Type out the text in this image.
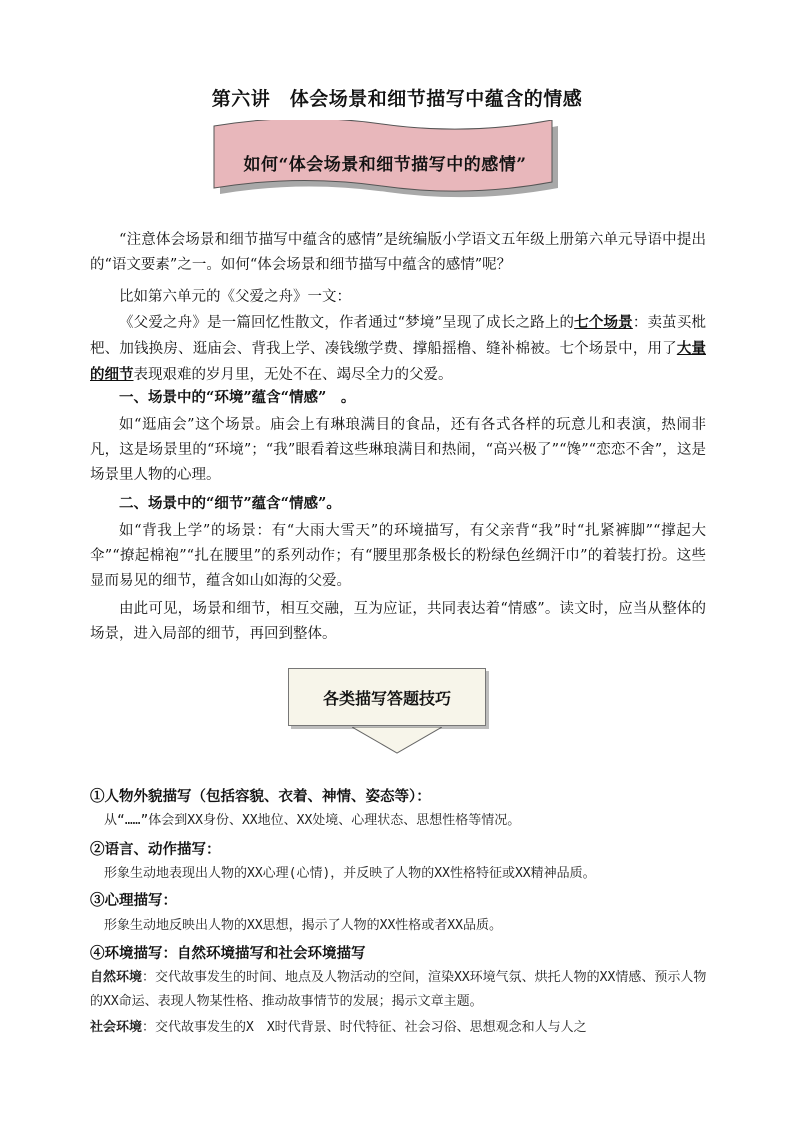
第六讲　体会场景和细节描写中蕴含的情感
如何“体会场景和细节描写中的感情”

“注意体会场景和细节描写中蕴含的感情”是统编版小学语文五年级上册第六单元导语中提出的“语文要素”之一。如何“体会场景和细节描写中蕴含的感情”呢？

比如第六单元的《父爱之舟》一文：

《父爱之舟》是一篇回忆性散文，作者通过“梦境”呈现了成长之路上的七个场景：卖茧买枇杷、加钱换房、逛庙会、背我上学、凑钱缴学费、撑船摇橹、缝补棉被。七个场景中，用了大量的细节表现艰难的岁月里，无处不在、竭尽全力的父爱。

一、场景中的“环境”蕴含“情感”　。

如“逛庙会”这个场景。庙会上有琳琅满目的食品，还有各式各样的玩意儿和表演，热闹非凡，这是场景里的“环境”；“我”眼看着这些琳琅满目和热闹，“高兴极了”“馋”“恋恋不舍”，这是场景里人物的心理。

二、场景中的“细节”蕴含“情感”。

如“背我上学”的场景：有“大雨大雪天”的环境描写，有父亲背“我”时“扎紧裤脚”“撑起大伞”“撩起棉袍”“扎在腰里”的系列动作；有“腰里那条极长的粉绿色丝绸汗巾”的着装打扮。这些显而易见的细节，蕴含如山如海的父爱。

由此可见，场景和细节，相互交融，互为应证，共同表达着“情感”。读文时，应当从整体的场景，进入局部的细节，再回到整体。

各类描写答题技巧
①人物外貌描写（包括容貌、衣着、神情、姿态等）：
从“……”体会到XX身份、XX地位、XX处境、心理状态、思想性格等情况。
②语言、动作描写：
形象生动地表现出人物的XX心理(心情)，并反映了人物的XX性格特征或XX精神品质。
③心理描写：
形象生动地反映出人物的XX思想，揭示了人物的XX性格或者XX品质。
④环境描写：自然环境描写和社会环境描写
自然环境：交代故事发生的时间、地点及人物活动的空间，渲染XX环境气氛、烘托人物的XX情感、预示人物的XX命运、表现人物某性格、推动故事情节的发展；揭示文章主题。
社会环境：交代故事发生的X　X时代背景、时代特征、社会习俗、思想观念和人与人之
